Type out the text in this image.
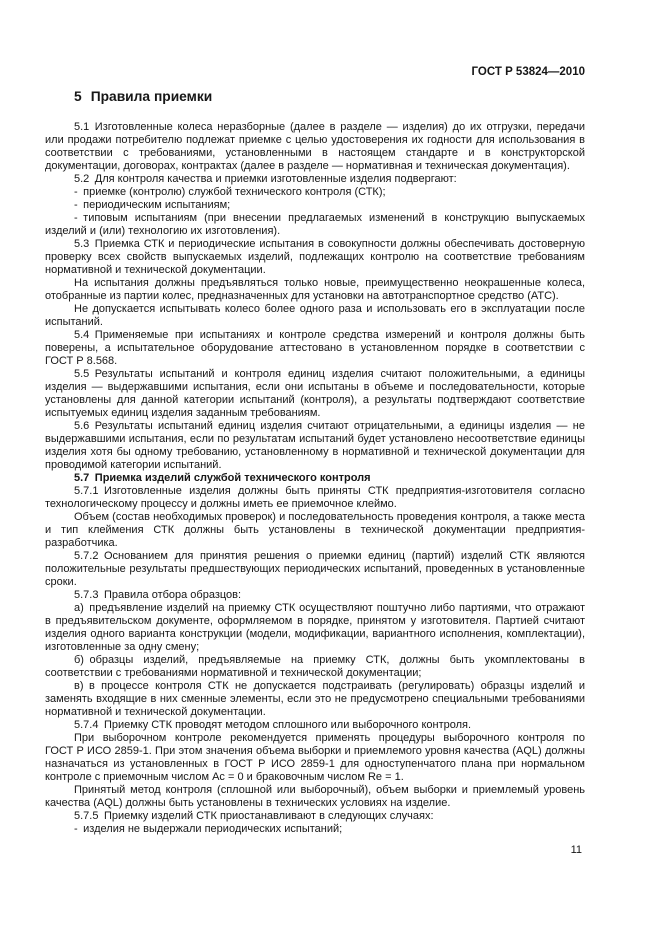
ГОСТ Р 53824—2010
5 Правила приемки

5.1 Изготовленные колеса неразборные (далее в разделе — изделия) до их отгрузки, передачи или продажи потребителю подлежат приемке с целью удостоверения их годности для использования в соответствии с требованиями, установленными в настоящем стандарте и в конструкторской документации, договорах, контрактах (далее в разделе — нормативная и техническая документация).

5.2 Для контроля качества и приемки изготовленные изделия подвергают:

- приемке (контролю) службой технического контроля (СТК);

- периодическим испытаниям;

- типовым испытаниям (при внесении предлагаемых изменений в конструкцию выпускаемых изделий и (или) технологию их изготовления).

5.3 Приемка СТК и периодические испытания в совокупности должны обеспечивать достоверную проверку всех свойств выпускаемых изделий, подлежащих контролю на соответствие требованиям нормативной и технической документации.

На испытания должны предъявляться только новые, преимущественно неокрашенные колеса, отобранные из партии колес, предназначенных для установки на автотранспортное средство (АТС).

Не допускается испытывать колесо более одного раза и использовать его в эксплуатации после испытаний.

5.4 Применяемые при испытаниях и контроле средства измерений и контроля должны быть поверены, а испытательное оборудование аттестовано в установленном порядке в соответствии с ГОСТ Р 8.568.

5.5 Результаты испытаний и контроля единиц изделия считают положительными, а единицы изделия — выдержавшими испытания, если они испытаны в объеме и последовательности, которые установлены для данной категории испытаний (контроля), а результаты подтверждают соответствие испытуемых единиц изделия заданным требованиям.

5.6 Результаты испытаний единиц изделия считают отрицательными, а единицы изделия — не выдержавшими испытания, если по результатам испытаний будет установлено несоответствие единицы изделия хотя бы одному требованию, установленному в нормативной и технической документации для проводимой категории испытаний.

5.7 Приемка изделий службой технического контроля

5.7.1 Изготовленные изделия должны быть приняты СТК предприятия-изготовителя согласно технологическому процессу и должны иметь ее приемочное клеймо.

Объем (состав необходимых проверок) и последовательность проведения контроля, а также места и тип клеймения СТК должны быть установлены в технической документации предприятия-разработчика.

5.7.2 Основанием для принятия решения о приемки единиц (партий) изделий СТК являются положительные результаты предшествующих периодических испытаний, проведенных в установленные сроки.

5.7.3 Правила отбора образцов:

а) предъявление изделий на приемку СТК осуществляют поштучно либо партиями, что отражают в предъявительском документе, оформляемом в порядке, принятом у изготовителя. Партией считают изделия одного варианта конструкции (модели, модификации, вариантного исполнения, комплектации), изготовленные за одну смену;

б) образцы изделий, предъявляемые на приемку СТК, должны быть укомплектованы в соответствии с требованиями нормативной и технической документации;

в) в процессе контроля СТК не допускается подстраивать (регулировать) образцы изделий и заменять входящие в них сменные элементы, если это не предусмотрено специальными требованиями нормативной и технической документации.

5.7.4 Приемку СТК проводят методом сплошного или выборочного контроля.

При выборочном контроле рекомендуется применять процедуры выборочного контроля по ГОСТ Р ИСО 2859-1. При этом значения объема выборки и приемлемого уровня качества (AQL) должны назначаться из установленных в ГОСТ Р ИСО 2859-1 для одноступенчатого плана при нормальном контроле с приемочным числом Ac = 0 и браковочным числом Re = 1.

Принятый метод контроля (сплошной или выборочный), объем выборки и приемлемый уровень качества (AQL) должны быть установлены в технических условиях на изделие.

5.7.5 Приемку изделий СТК приостанавливают в следующих случаях:

- изделия не выдержали периодических испытаний;

11
